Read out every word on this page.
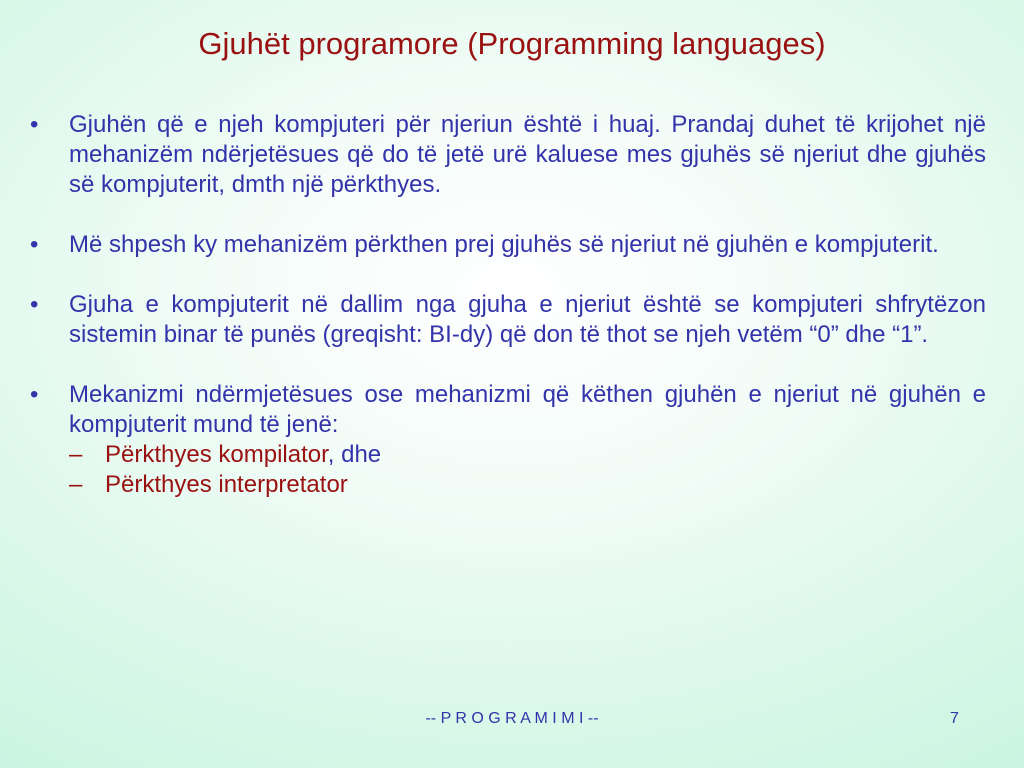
Gjuhët programore (Programming languages)
•	Gjuhën që e njeh kompjuteri për njeriun është i huaj. Prandaj duhet të krijohet një mehanizëm ndërjetësues që do të jetë urë kaluese mes gjuhës së njeriut dhe gjuhës së kompjuterit, dmth një përkthyes.
•	Më shpesh ky mehanizëm përkthen prej gjuhës së njeriut në gjuhën e kompjuterit.
•	Gjuha e kompjuterit në dallim nga gjuha e njeriut është se kompjuteri shfrytëzon sistemin binar të punës (greqisht: BI-dy) që don të thot se njeh vetëm “0” dhe “1”.
•	Mekanizmi ndërmjetësues ose mehanizmi që këthen gjuhën e njeriut në gjuhën e kompjuterit mund të jenë:
– Përkthyes kompilator, dhe
– Përkthyes interpretator
-- P R O G R A M I M I --	7
